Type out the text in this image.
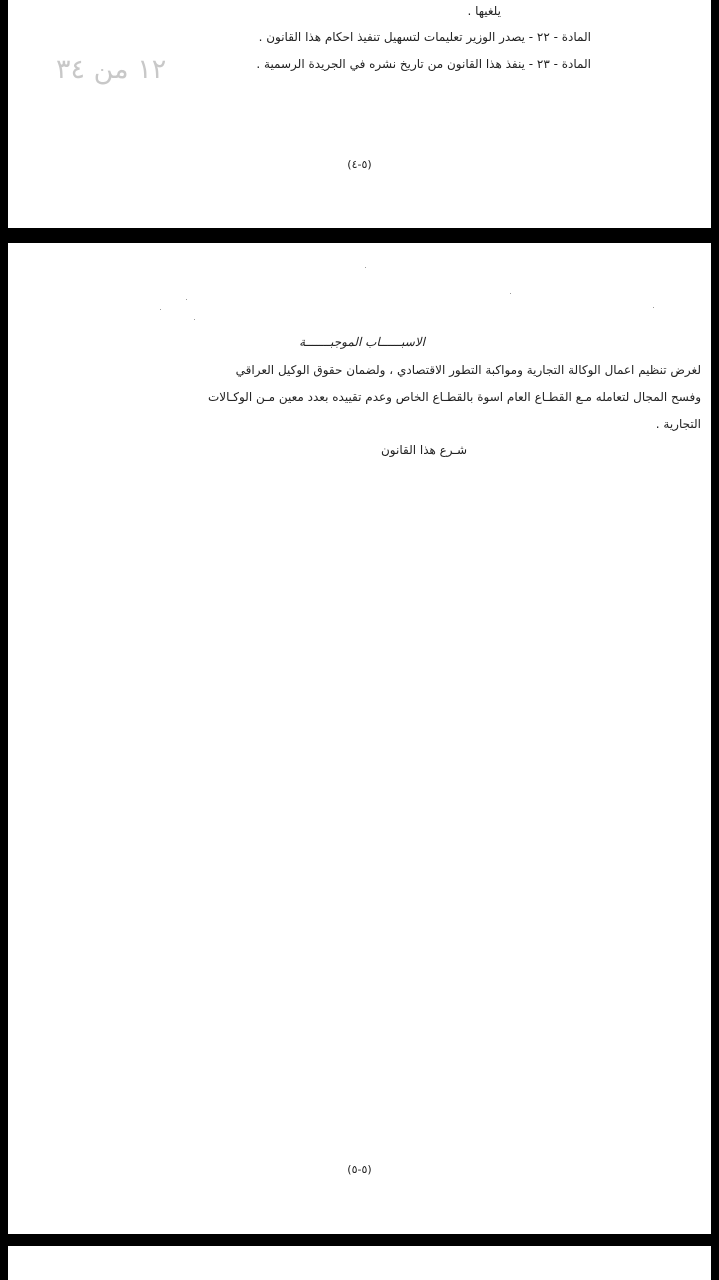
يلغيها .
المادة - ٢٢ - يصدر الوزير تعليمات لتسهيل تنفيذ احكام هذا القانون .
المادة - ٢٣ - ينفذ هذا القانون من تاريخ نشره في الجريدة الرسمية .
١٢ من ٣٤
(٥-٤)
الاسبــــــاب الموجبـــــــة
لغرض تنظيم اعمال الوكالة التجارية ومواكبة التطور الاقتصادي ، ولضمان حقوق الوكيل العراقي
وفسح المجال لتعامله مـع القطـاع العام اسوة بالقطـاع الخاص وعدم تقييده بعدد معين مـن الوكـالات
التجارية .
شـرع هذا القانون
(٥-٥)
